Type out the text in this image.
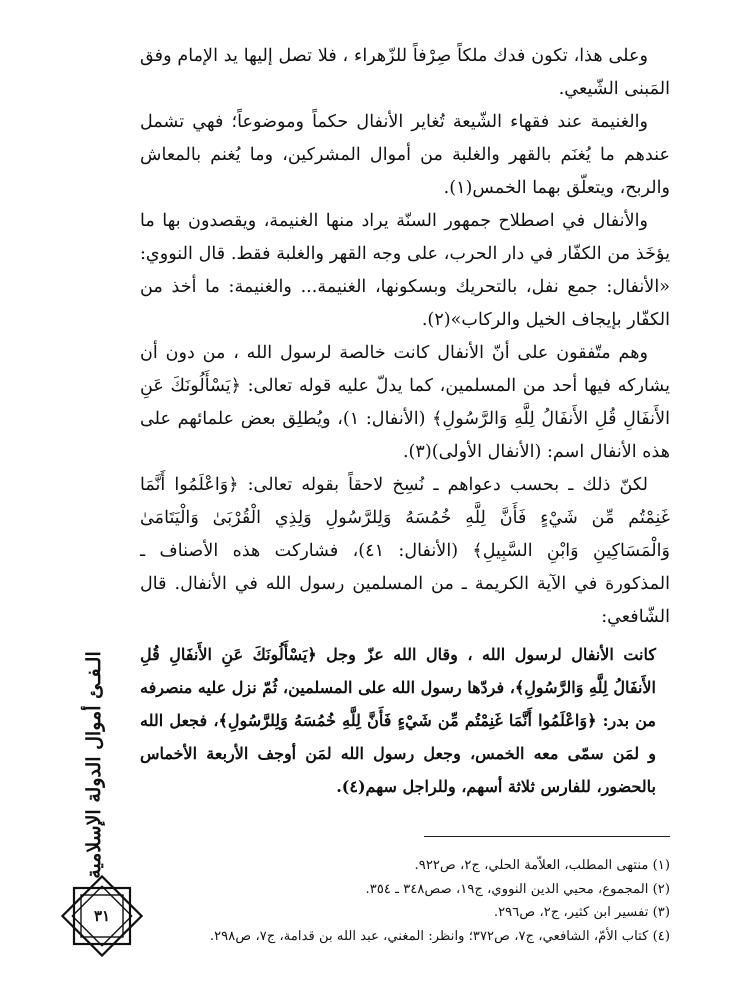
وعلى هذا، تكون فدك ملكاً صِرْفاً للزّهراء ، فلا تصل إليها يد الإمام وفق المَبنى الشّيعي.

والغنيمة عند فقهاء الشّيعة تُغاير الأنفال حكماً وموضوعاً؛ فهي تشمل عندهم ما يُغنَم بالقهر والغلبة من أموال المشركين، وما يُغنم بالمعاش والربح، ويتعلّق بهما الخمس(١).

والأنفال في اصطلاح جمهور السنّة يراد منها الغنيمة، ويقصدون بها ما يؤخَذ من الكفّار في دار الحرب، على وجه القهر والغلبة فقط. قال النووي: «الأنفال: جمع نفل، بالتحريك وبسكونها، الغنيمة... والغنيمة: ما أخذ من الكفّار بإيجاف الخيل والركاب»(٢).

وهم متّفقون على أنّ الأنفال كانت خالصة لرسول الله ، من دون أن يشاركه فيها أحد من المسلمين، كما يدلّ عليه قوله تعالى: ﴿يَسْأَلُونَكَ عَنِ الأَنفَالِ قُلِ الأَنفَالُ لِلَّهِ وَالرَّسُولِ﴾ (الأنفال: ١)، ويُطلِق بعض علمائهم على هذه الأنفال اسم: (الأنفال الأولى)(٣).

لكنّ ذلك ـ بحسب دعواهم ـ نُسِخ لاحقاً بقوله تعالى: ﴿وَاعْلَمُوا أَنَّمَا غَنِمْتُم مِّن شَيْءٍ فَأَنَّ لِلَّهِ خُمُسَهُ وَلِلرَّسُولِ وَلِذِي الْقُرْبَىٰ وَالْيَتَامَىٰ وَالْمَسَاكِينِ وَابْنِ السَّبِيلِ﴾ (الأنفال: ٤١)، فشاركت هذه الأصناف ـ المذكورة في الآية الكريمة ـ من المسلمين رسول الله في الأنفال. قال الشّافعي:

كانت الأنفال لرسول الله ، وقال الله عزّ وجل ﴿يَسْأَلُونَكَ عَنِ الأَنفَالِ قُلِ الأَنفَالُ لِلَّهِ وَالرَّسُولِ﴾، فردّها رسول الله على المسلمين، ثُمّ نزل عليه منصرفه من بدر: ﴿وَاعْلَمُوا أَنَّمَا غَنِمْتُم مِّن شَيْءٍ فَأَنَّ لِلَّهِ خُمُسَهُ وَلِلرَّسُولِ﴾، فجعل الله و لمَن سمّى معه الخمس، وجعل رسول الله لمَن أوجف الأربعة الأخماس بالحضور، للفارس ثلاثة أسهم، وللراجل سهم(٤).

(١) منتهى المطلب، العلاّمة الحلي، ج٢، ص٩٢٢.
(٢) المجموع، محيي الدين النووي، ج١٩، صص٣٤٨ ـ ٣٥٤.
(٣) تفسير ابن كثير، ج٢، ص٢٩٦.
(٤) كتاب الأمّ، الشافعي، ج٧، ص٣٧٢؛ وانظر: المغني، عبد الله بن قدامة، ج٧، ص٢٩٨.
الـفـئ أموال الدولة الإسلامية
٣١
